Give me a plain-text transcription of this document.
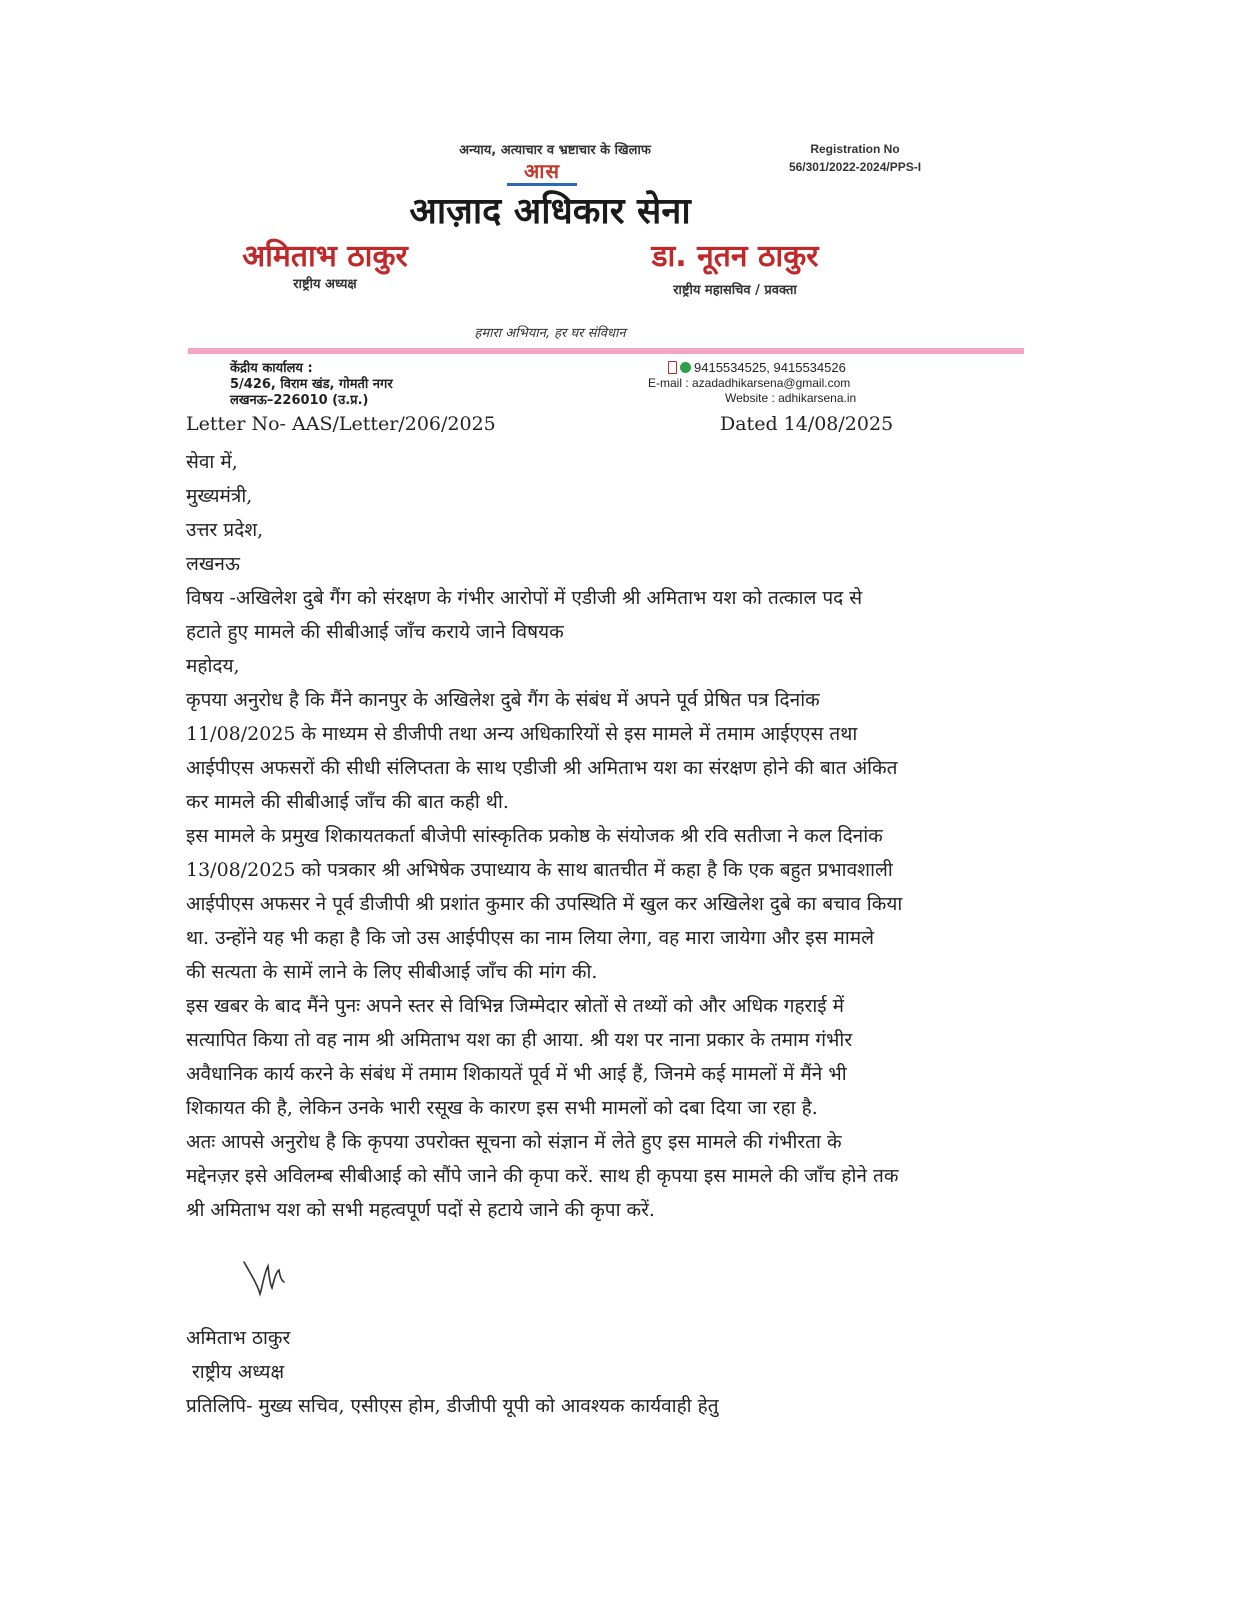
अन्याय, अत्याचार व भ्रष्टाचार के खिलाफ	Registration No
56/301/2022-2024/PPS-I
आस
आज़ाद अधिकार सेना
अमिताभ ठाकुर
राष्ट्रीय अध्यक्ष
डा. नूतन ठाकुर
राष्ट्रीय महासचिव / प्रवक्ता
हमारा अभियान, हर घर संविधान
केंद्रीय कार्यालय :
5/426, विराम खंड, गोमती नगर
लखनऊ–226010 (उ.प्र.)
9415534525, 9415534526
E-mail : azadadhikarsena@gmail.com
Website : adhikarsena.in
Letter No- AAS/Letter/206/2025	Dated 14/08/2025
सेवा में,
मुख्यमंत्री,
उत्तर प्रदेश,
लखनऊ
विषय -अखिलेश दुबे गैंग को संरक्षण के गंभीर आरोपों में एडीजी श्री अमिताभ यश को तत्काल पद से
हटाते हुए मामले की सीबीआई जाँच कराये जाने विषयक
महोदय,
कृपया अनुरोध है कि मैंने कानपुर के अखिलेश दुबे गैंग के संबंध में अपने पूर्व प्रेषित पत्र दिनांक
11/08/2025 के माध्यम से डीजीपी तथा अन्य अधिकारियों से इस मामले में तमाम आईएएस तथा
आईपीएस अफसरों की सीधी संलिप्तता के साथ एडीजी श्री अमिताभ यश का संरक्षण होने की बात अंकित
कर मामले की सीबीआई जाँच की बात कही थी.
इस मामले के प्रमुख शिकायतकर्ता बीजेपी सांस्कृतिक प्रकोष्ठ के संयोजक श्री रवि सतीजा ने कल दिनांक
13/08/2025 को पत्रकार श्री अभिषेक उपाध्याय के साथ बातचीत में कहा है कि एक बहुत प्रभावशाली
आईपीएस अफसर ने पूर्व डीजीपी श्री प्रशांत कुमार की उपस्थिति में खुल कर अखिलेश दुबे का बचाव किया
था. उन्होंने यह भी कहा है कि जो उस आईपीएस का नाम लिया लेगा, वह मारा जायेगा और इस मामले
की सत्यता के सामें लाने के लिए सीबीआई जाँच की मांग की.
इस खबर के बाद मैंने पुनः अपने स्तर से विभिन्न जिम्मेदार स्रोतों से तथ्यों को और अधिक गहराई में
सत्यापित किया तो वह नाम श्री अमिताभ यश का ही आया. श्री यश पर नाना प्रकार के तमाम गंभीर
अवैधानिक कार्य करने के संबंध में तमाम शिकायतें पूर्व में भी आई हैं, जिनमे कई मामलों में मैंने भी
शिकायत की है, लेकिन उनके भारी रसूख के कारण इस सभी मामलों को दबा दिया जा रहा है.
अतः आपसे अनुरोध है कि कृपया उपरोक्त सूचना को संज्ञान में लेते हुए इस मामले की गंभीरता के
मद्देनज़र इसे अविलम्ब सीबीआई को सौंपे जाने की कृपा करें. साथ ही कृपया इस मामले की जाँच होने तक
श्री अमिताभ यश को सभी महत्वपूर्ण पदों से हटाये जाने की कृपा करें.
अमिताभ ठाकुर
राष्ट्रीय अध्यक्ष
प्रतिलिपि- मुख्य सचिव, एसीएस होम, डीजीपी यूपी को आवश्यक कार्यवाही हेतु
